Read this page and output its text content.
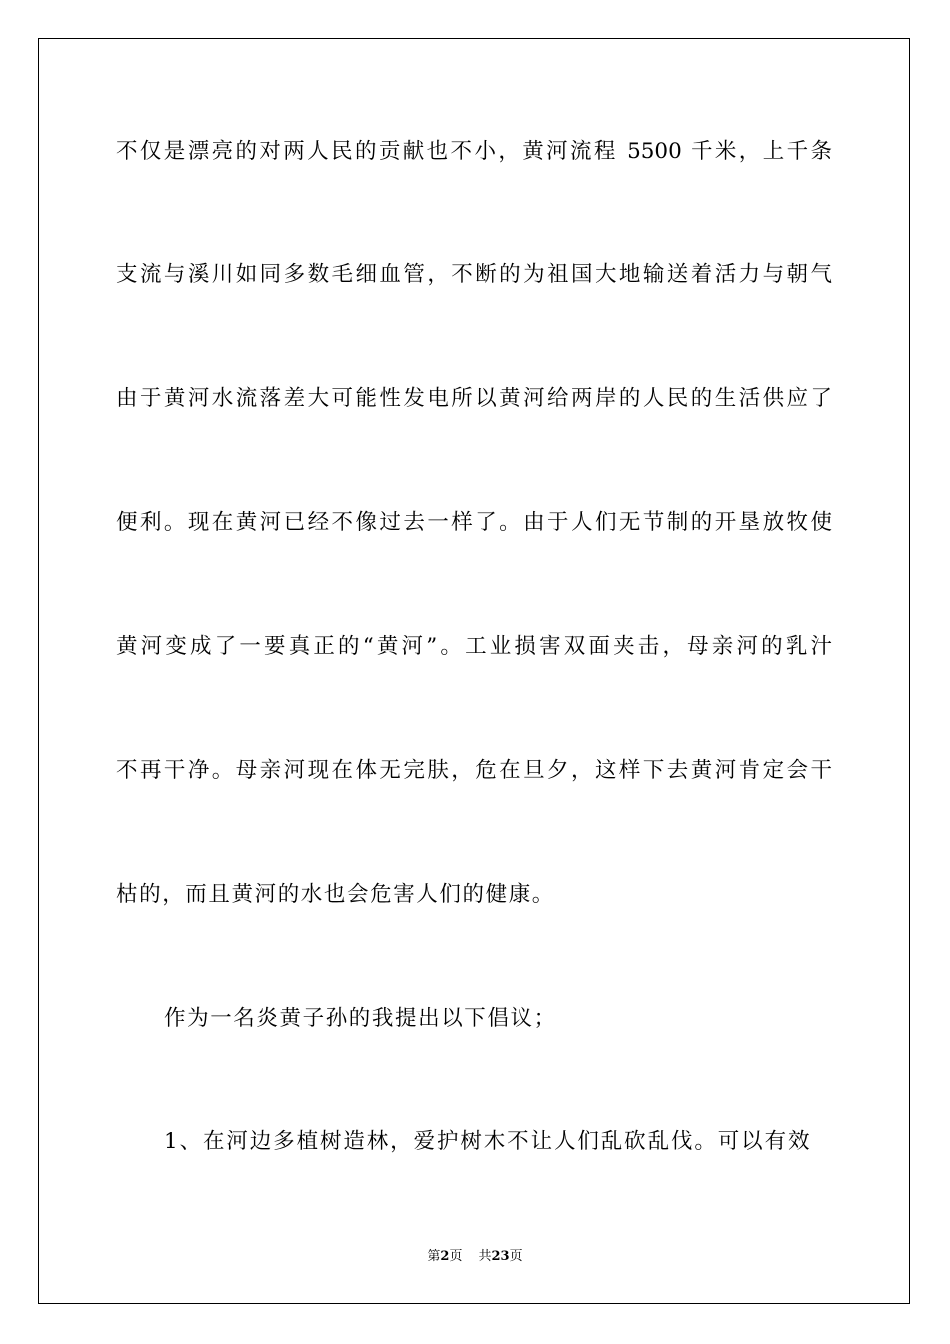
不仅是漂亮的对两人民的贡献也不小，黄河流程 5500 千米，上千条
支流与溪川如同多数毛细血管，不断的为祖国大地输送着活力与朝气
由于黄河水流落差大可能性发电所以黄河给两岸的人民的生活供应了
便利。现在黄河已经不像过去一样了。由于人们无节制的开垦放牧使
黄河变成了一要真正的“黄河”。工业损害双面夹击，母亲河的乳汁
不再干净。母亲河现在体无完肤，危在旦夕，这样下去黄河肯定会干
枯的，而且黄河的水也会危害人们的健康。
作为一名炎黄子孙的我提出以下倡议；
1、在河边多植树造林，爱护树木不让人们乱砍乱伐。可以有效
第2页 共23页
